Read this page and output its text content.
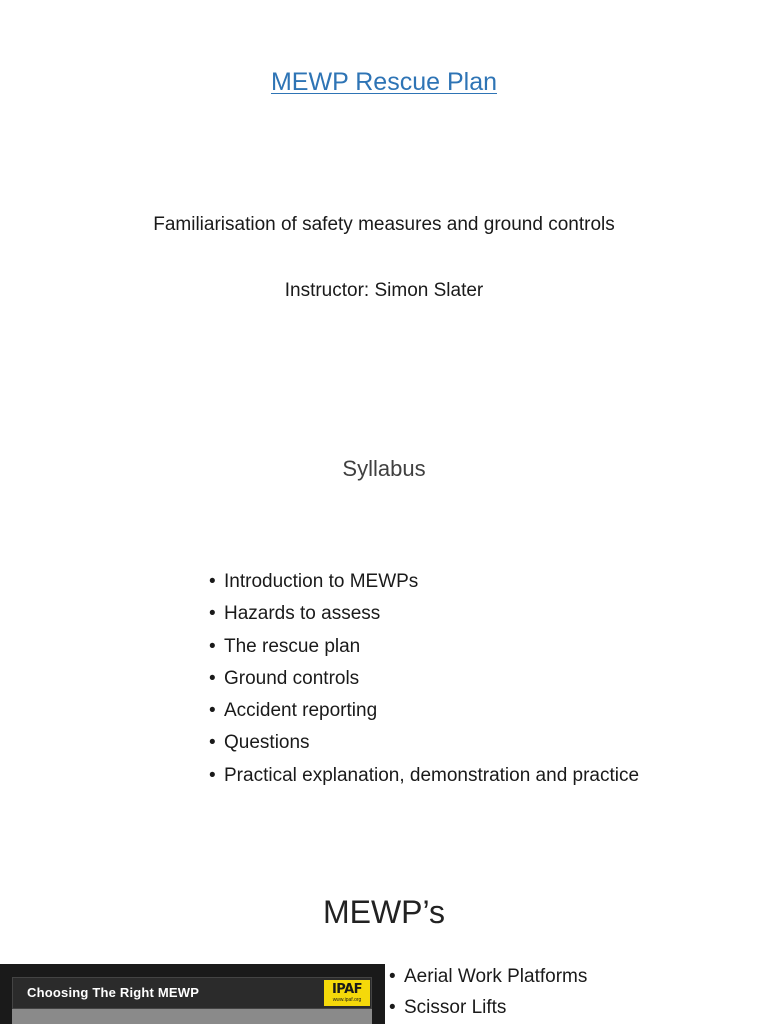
MEWP Rescue Plan
Familiarisation of safety measures and ground controls
Instructor: Simon Slater
Syllabus
• Introduction to MEWPs
• Hazards to assess
• The rescue plan
• Ground controls
• Accident reporting
• Questions
• Practical explanation, demonstration and practice
MEWP’s
Choosing The Right MEWP	IPAF
www.ipaf.org
• Aerial Work Platforms
• Scissor Lifts
